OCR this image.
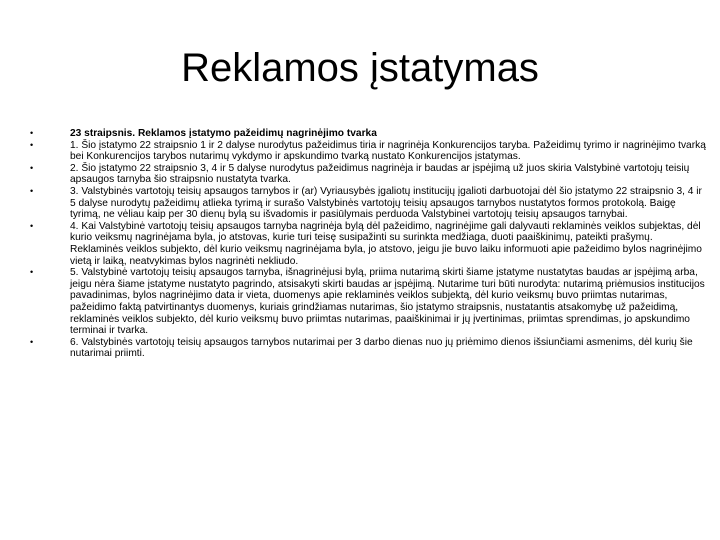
Reklamos įstatymas
•	23 straipsnis. Reklamos įstatymo pažeidimų nagrinėjimo tvarka
•	1. Šio įstatymo 22 straipsnio 1 ir 2 dalyse nurodytus pažeidimus tiria ir nagrinėja Konkurencijos taryba. Pažeidimų tyrimo ir nagrinėjimo tvarką bei Konkurencijos tarybos nutarimų vykdymo ir apskundimo tvarką nustato Konkurencijos įstatymas.
•	2. Šio įstatymo 22 straipsnio 3, 4 ir 5 dalyse nurodytus pažeidimus nagrinėja ir baudas ar įspėjimą už juos skiria Valstybinė vartotojų teisių apsaugos tarnyba šio straipsnio nustatyta tvarka.
•	3. Valstybinės vartotojų teisių apsaugos tarnybos ir (ar) Vyriausybės įgaliotų institucijų įgalioti darbuotojai dėl šio įstatymo 22 straipsnio 3, 4 ir 5 dalyse nurodytų pažeidimų atlieka tyrimą ir surašo Valstybinės vartotojų teisių apsaugos tarnybos nustatytos formos protokolą. Baigę tyrimą, ne vėliau kaip per 30 dienų bylą su išvadomis ir pasiūlymais perduoda Valstybinei vartotojų teisių apsaugos tarnybai.
•	4. Kai Valstybinė vartotojų teisių apsaugos tarnyba nagrinėja bylą dėl pažeidimo, nagrinėjime gali dalyvauti reklaminės veiklos subjektas, dėl kurio veiksmų nagrinėjama byla, jo atstovas, kurie turi teisę susipažinti su surinkta medžiaga, duoti paaiškinimų, pateikti prašymų. Reklaminės veiklos subjekto, dėl kurio veiksmų nagrinėjama byla, jo atstovo, jeigu jie buvo laiku informuoti apie pažeidimo bylos nagrinėjimo vietą ir laiką, neatvykimas bylos nagrinėti nekliudo.
•	5. Valstybinė vartotojų teisių apsaugos tarnyba, išnagrinėjusi bylą, priima nutarimą skirti šiame įstatyme nustatytas baudas ar įspėjimą arba, jeigu nėra šiame įstatyme nustatyto pagrindo, atsisakyti skirti baudas ar įspėjimą. Nutarime turi būti nurodyta: nutarimą priėmusios institucijos pavadinimas, bylos nagrinėjimo data ir vieta, duomenys apie reklaminės veiklos subjektą, dėl kurio veiksmų buvo priimtas nutarimas, pažeidimo faktą patvirtinantys duomenys, kuriais grindžiamas nutarimas, šio įstatymo straipsnis, nustatantis atsakomybę už pažeidimą, reklaminės veiklos subjekto, dėl kurio veiksmų buvo priimtas nutarimas, paaiškinimai ir jų įvertinimas, priimtas sprendimas, jo apskundimo terminai ir tvarka.
•	6. Valstybinės vartotojų teisių apsaugos tarnybos nutarimai per 3 darbo dienas nuo jų priėmimo dienos išsiunčiami asmenims, dėl kurių šie nutarimai priimti.
